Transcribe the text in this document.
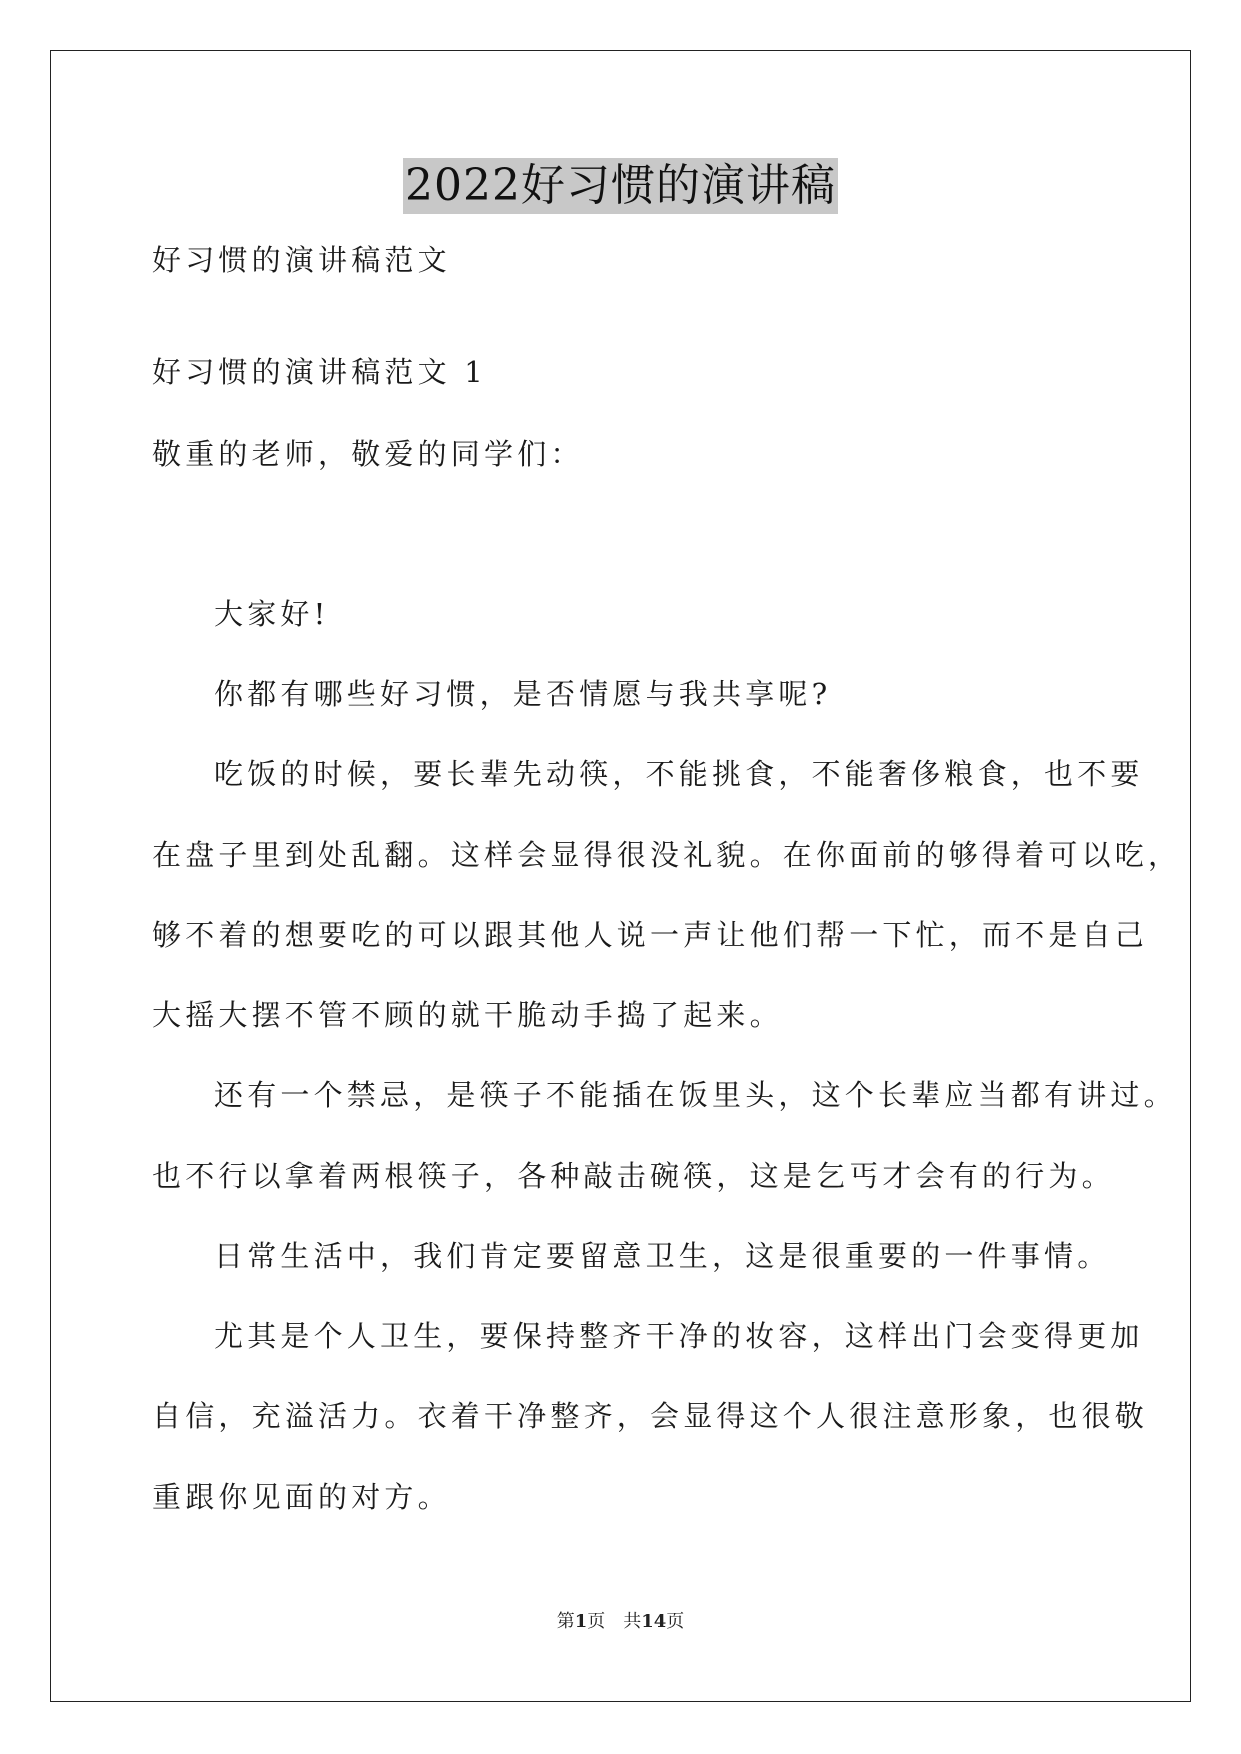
2022好习惯的演讲稿
好习惯的演讲稿范文
好习惯的演讲稿范文 1
敬重的老师，敬爱的同学们：
大家好!
你都有哪些好习惯，是否情愿与我共享呢?
吃饭的时候，要长辈先动筷，不能挑食，不能奢侈粮食，也不要
在盘子里到处乱翻。这样会显得很没礼貌。在你面前的够得着可以吃，
够不着的想要吃的可以跟其他人说一声让他们帮一下忙，而不是自己
大摇大摆不管不顾的就干脆动手捣了起来。
还有一个禁忌，是筷子不能插在饭里头，这个长辈应当都有讲过。
也不行以拿着两根筷子，各种敲击碗筷，这是乞丐才会有的行为。
日常生活中，我们肯定要留意卫生，这是很重要的一件事情。
尤其是个人卫生，要保持整齐干净的妆容，这样出门会变得更加
自信，充溢活力。衣着干净整齐，会显得这个人很注意形象，也很敬
重跟你见面的对方。
第1页　共14页
